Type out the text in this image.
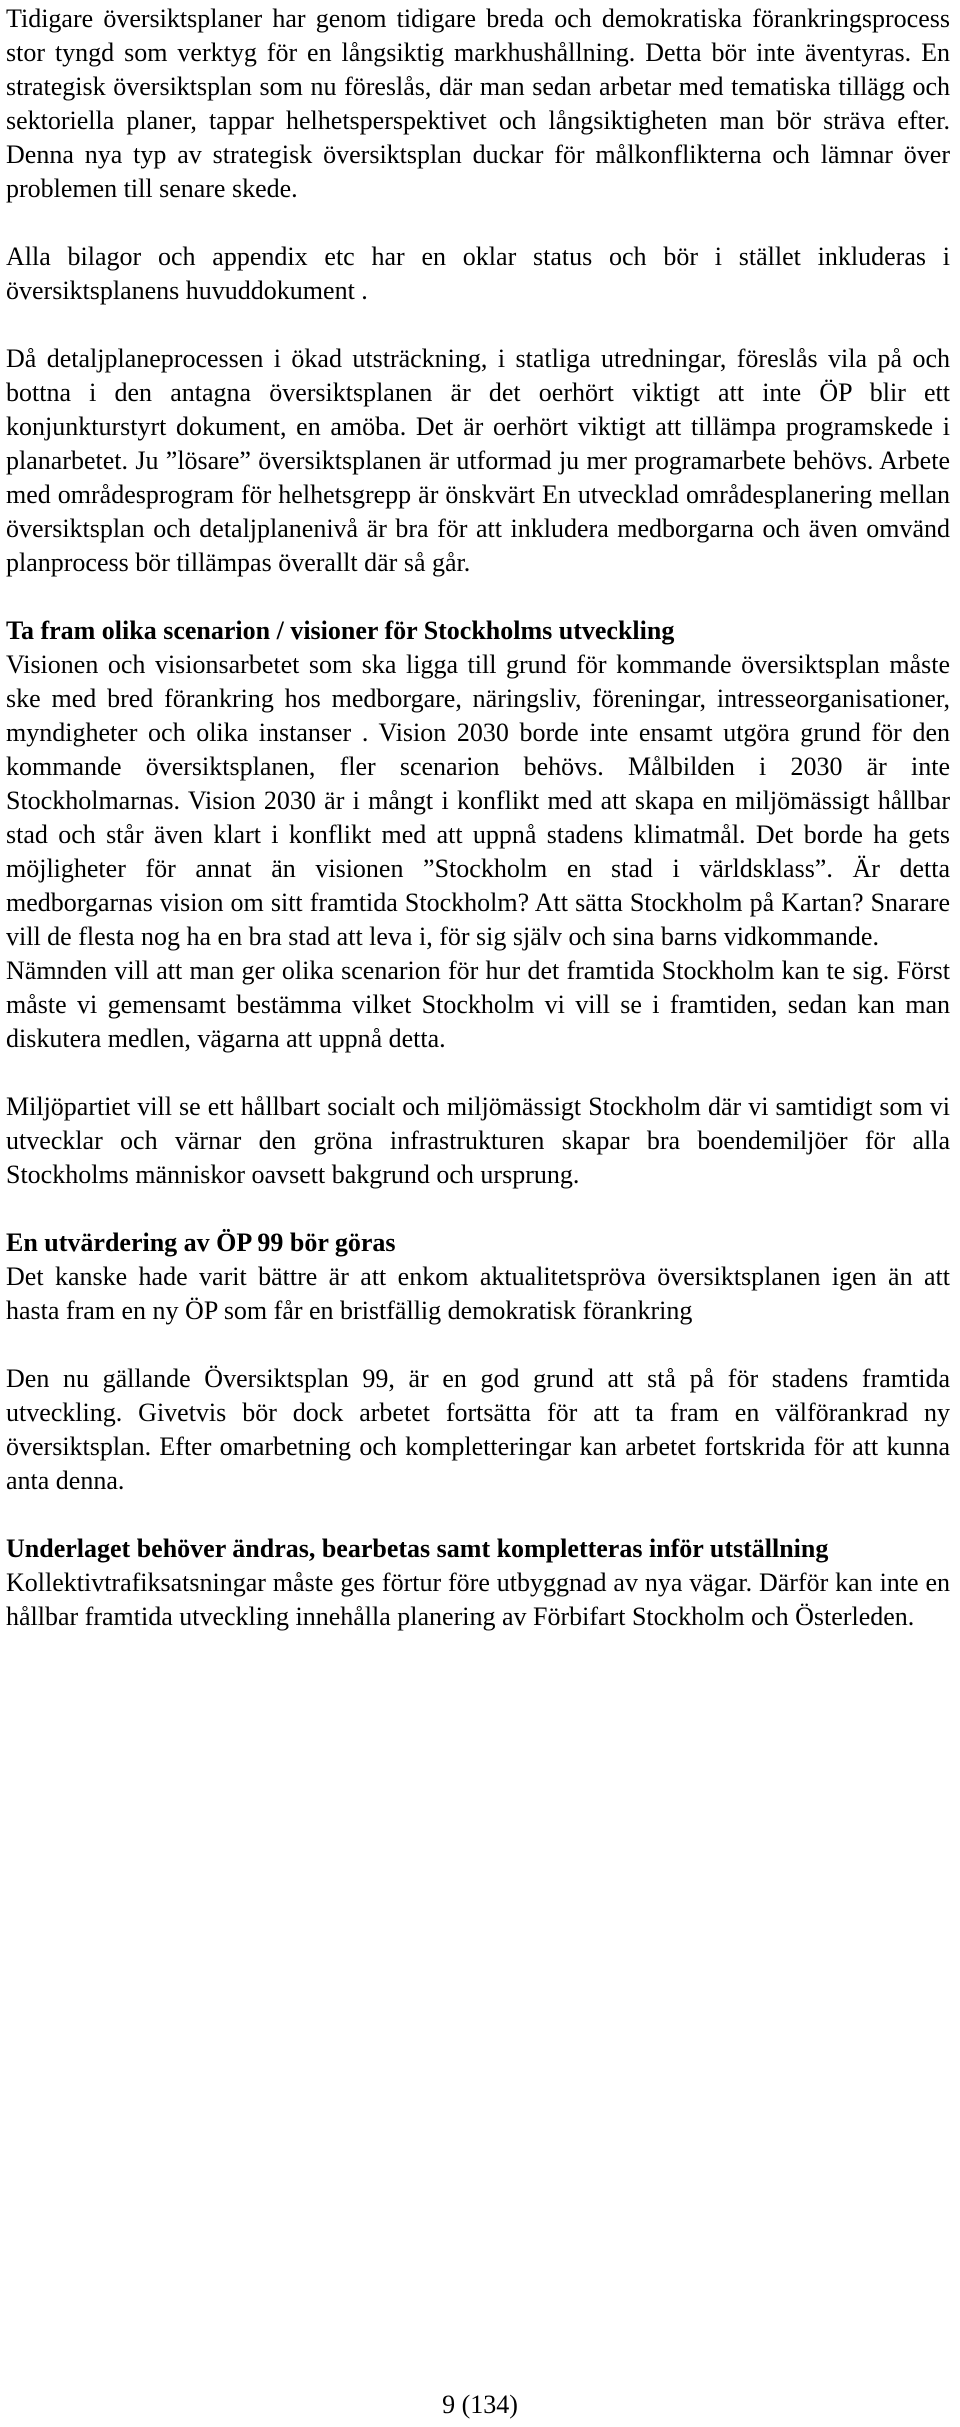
Tidigare översiktsplaner har genom tidigare breda och demokratiska förankringsprocess stor tyngd som verktyg för en långsiktig markhushållning. Detta bör inte äventyras. En strategisk översiktsplan som nu föreslås, där man sedan arbetar med tematiska tillägg och sektoriella planer, tappar helhetsperspektivet och långsiktigheten man bör sträva efter. Denna nya typ av strategisk översiktsplan duckar för målkonflikterna och lämnar över problemen till senare skede.

Alla bilagor och appendix etc har en oklar status och bör i stället inkluderas i översiktsplanens huvuddokument .

Då detaljplaneprocessen i ökad utsträckning, i statliga utredningar, föreslås vila på och bottna i den antagna översiktsplanen är det oerhört viktigt att inte ÖP blir ett konjunkturstyrt dokument, en amöba. Det är oerhört viktigt att tillämpa programskede i planarbetet. Ju ”lösare” översiktsplanen är utformad ju mer programarbete behövs. Arbete med områdesprogram för helhetsgrepp är önskvärt En utvecklad områdesplanering mellan översiktsplan och detaljplanenivå är bra för att inkludera medborgarna och även omvänd planprocess bör tillämpas överallt där så går.

Ta fram olika scenarion / visioner för Stockholms utveckling

Visionen och visionsarbetet som ska ligga till grund för kommande översiktsplan måste ske med bred förankring hos medborgare, näringsliv, föreningar, intresseorganisationer, myndigheter och olika instanser . Vision 2030 borde inte ensamt utgöra grund för den kommande översiktsplanen, fler scenarion behövs. Målbilden i 2030 är inte Stockholmarnas. Vision 2030 är i mångt i konflikt med att skapa en miljömässigt hållbar stad och står även klart i konflikt med att uppnå stadens klimatmål. Det borde ha gets möjligheter för annat än visionen ”Stockholm en stad i världsklass”. Är detta medborgarnas vision om sitt framtida Stockholm? Att sätta Stockholm på Kartan? Snarare vill de flesta nog ha en bra stad att leva i, för sig själv och sina barns vidkommande.

Nämnden vill att man ger olika scenarion för hur det framtida Stockholm kan te sig. Först måste vi gemensamt bestämma vilket Stockholm vi vill se i framtiden, sedan kan man diskutera medlen, vägarna att uppnå detta.

Miljöpartiet vill se ett hållbart socialt och miljömässigt Stockholm där vi samtidigt som vi utvecklar och värnar den gröna infrastrukturen skapar bra boendemiljöer för alla Stockholms människor oavsett bakgrund och ursprung.

En utvärdering av ÖP 99 bör göras

Det kanske hade varit bättre är att enkom aktualitetspröva översiktsplanen igen än att hasta fram en ny ÖP som får en bristfällig demokratisk förankring

Den nu gällande Översiktsplan 99, är en god grund att stå på för stadens framtida utveckling. Givetvis bör dock arbetet fortsätta för att ta fram en välförankrad ny översiktsplan. Efter omarbetning och kompletteringar kan arbetet fortskrida för att kunna anta denna.

Underlaget behöver ändras, bearbetas samt kompletteras inför utställning

Kollektivtrafiksatsningar måste ges förtur före utbyggnad av nya vägar. Därför kan inte en hållbar framtida utveckling innehålla planering av Förbifart Stockholm och Österleden.

9 (134)
